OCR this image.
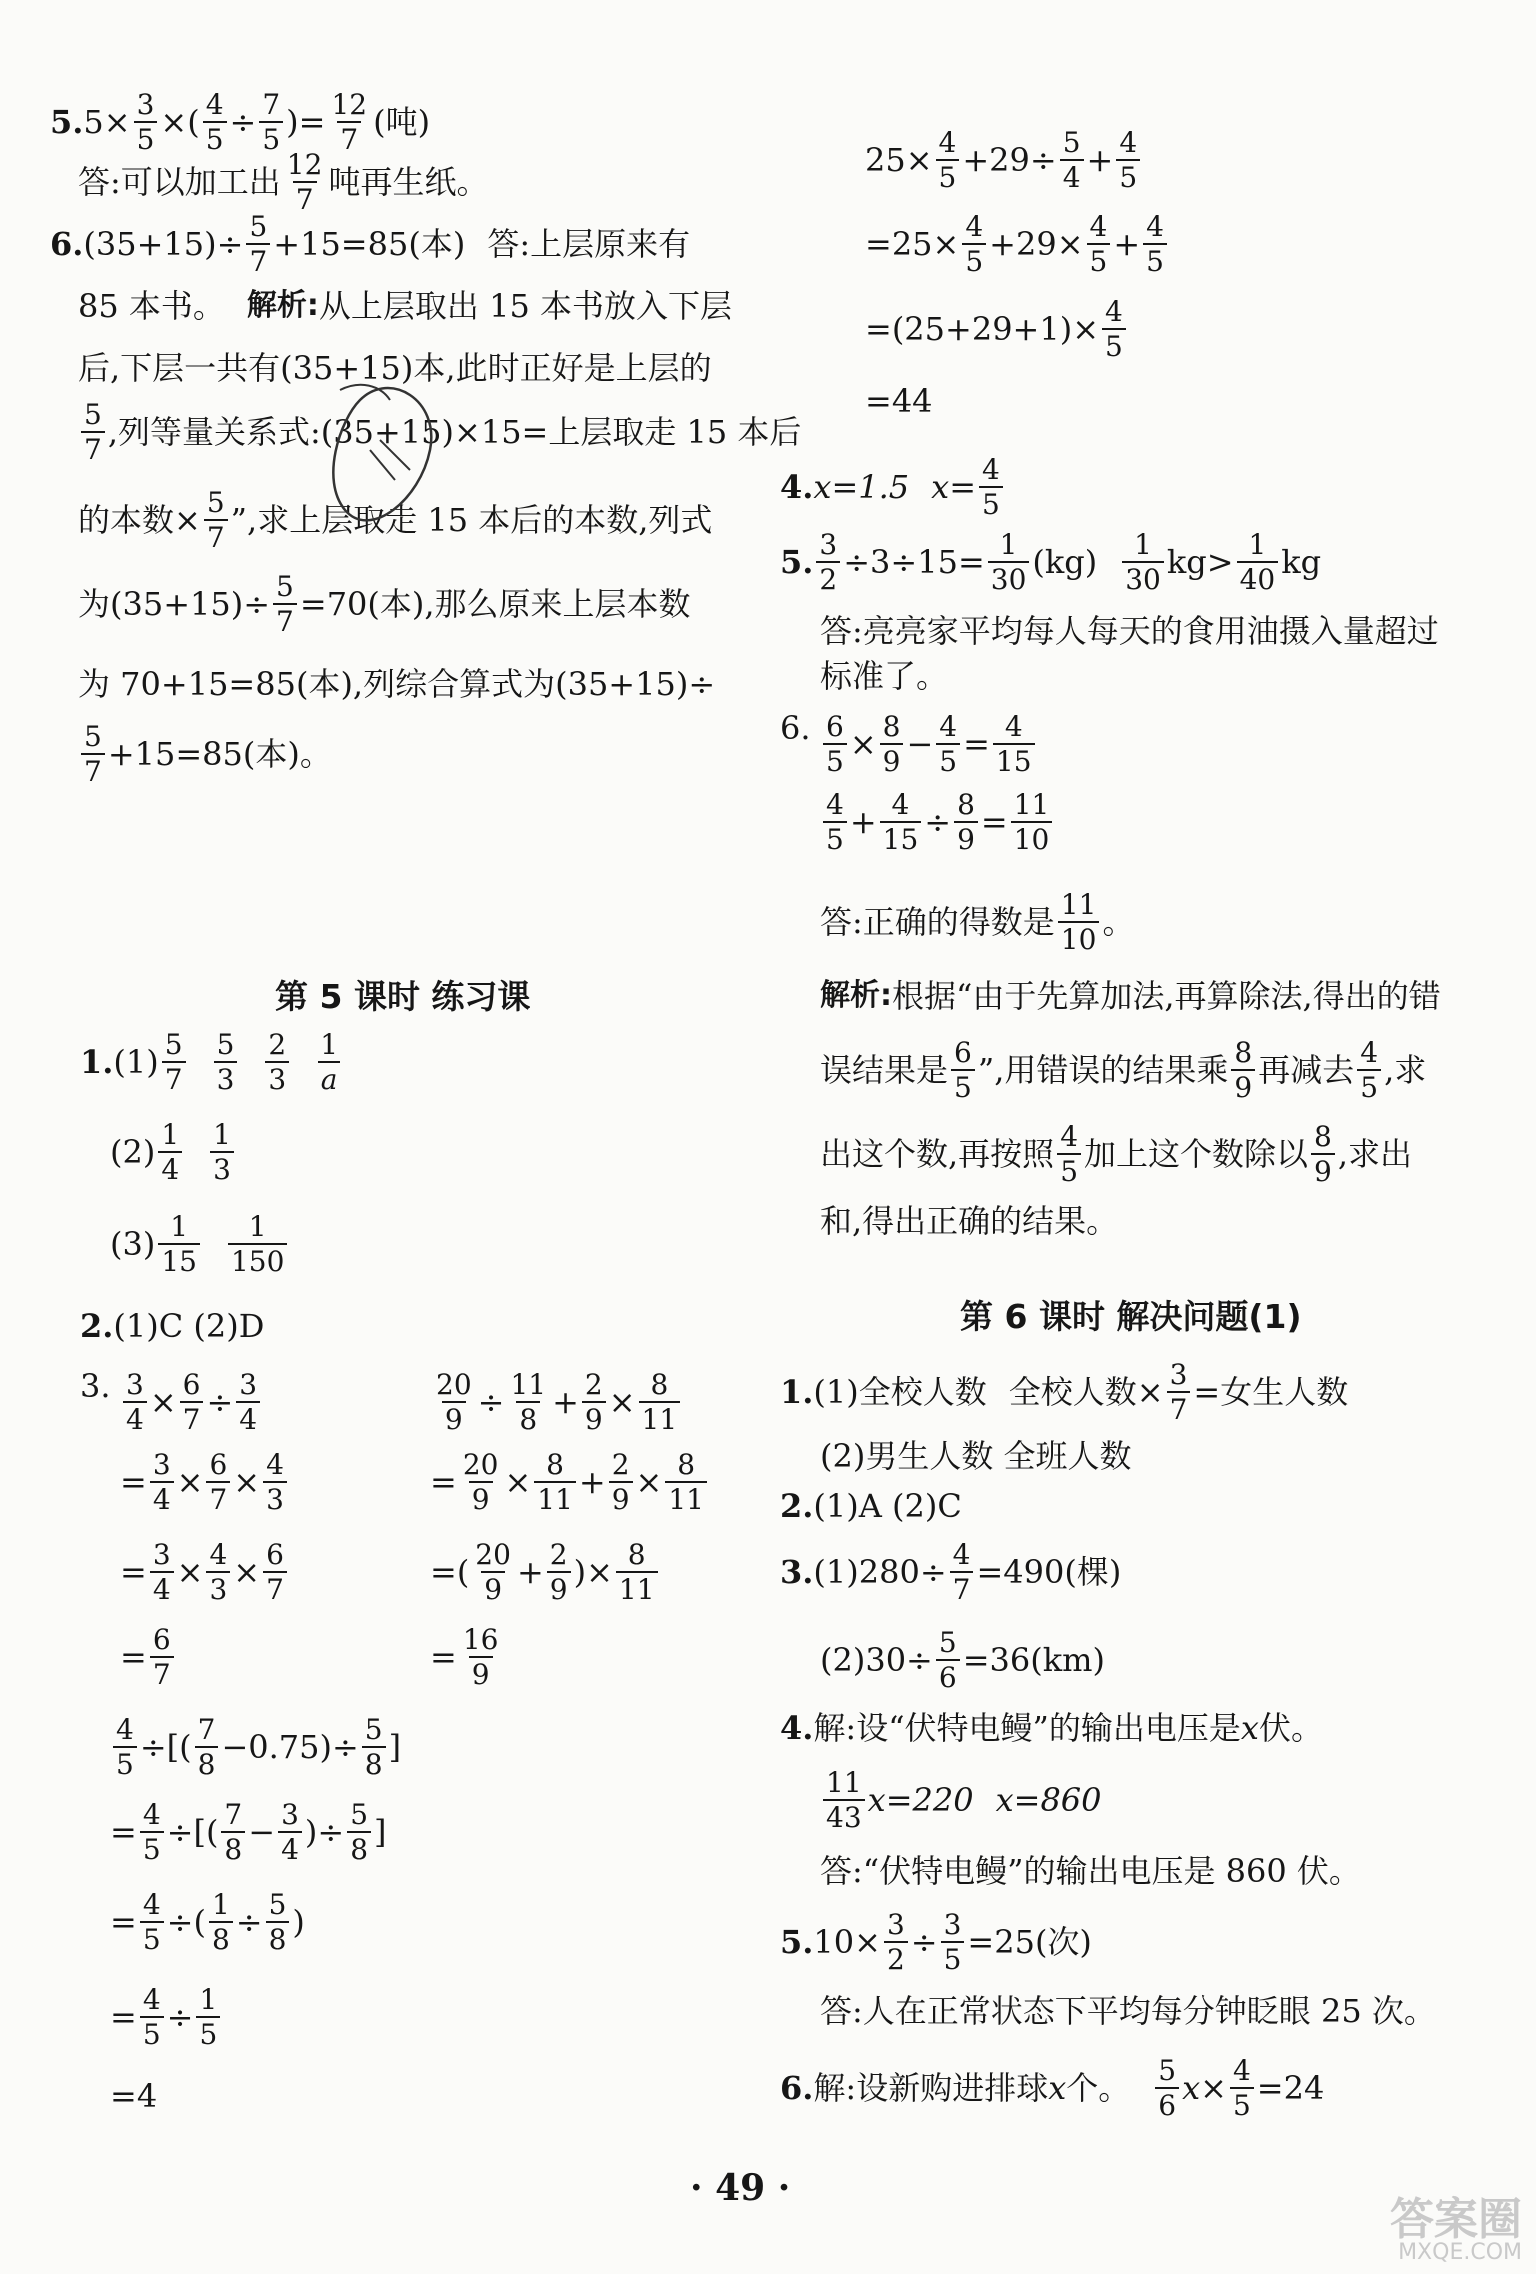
5. $5\times \frac{3}{5}$ ×( $\frac{4}{5} \div \frac{7}{5}$ )= $\frac{12}{7}$ (吨)
答:可以加工出 $\frac{12}{7}$ 吨再生纸。
6. $(35+15)\div \frac{5}{7} +15=85$(本) 答:上层原来有
85 本书。 解析: 从上层取出 15 本书放入下层
后,下层一共有(35+15)本,此时正好是上层的
$\frac{5}{7}$ ,列等量关系式:(35+15)× 15=上层取走 15 本后
的本数× $\frac{5}{7}$ ”,求上层取走 15 本后的本数,列式
为$(35+15)\div \frac{5}{7} =70$(本),那么原来上层本数
为 70+15=85(本),列综合算式为(35+15)÷
$\frac{5}{7} +15=85$(本)。
第 5 课时 练习课
1. $(1) \frac{5}{7} \frac{5}{3} \frac{2}{3} \frac{1}{a}$
$(2) \frac{1}{4} \frac{1}{3}$
$(3) \frac{1}{15} \frac{1}{150}$
2. (1)C (2)D
3. $\frac{3}{4} \times \frac{6}{7} \div \frac{3}{4}$
= $\frac{3}{4} \times \frac{6}{7} \times \frac{4}{3}$
= $\frac{3}{4} \times \frac{4}{3} \times \frac{6}{7}$
= $\frac{6}{7}$
$\frac{20}{9} \div \frac{11}{8} + \frac{2}{9} \times \frac{8}{11}$
= $\frac{20}{9} \times \frac{8}{11} + \frac{2}{9} \times \frac{8}{11}$
=( $\frac{20}{9} + \frac{2}{9}$ )× $\frac{8}{11}$
= $\frac{16}{9}$
$\frac{4}{5}$ ÷[( $\frac{7}{8} -0.75)\div \frac{5}{8}$ ]
= $\frac{4}{5}$ ÷[( $\frac{7}{8} - \frac{3}{4}$ )÷ $\frac{5}{8}$ ]
= $\frac{4}{5}$ ÷( $\frac{1}{8} \div \frac{5}{8}$ )
= $\frac{4}{5} \div \frac{1}{5}$
=4
$25\times \frac{4}{5} +29\div \frac{5}{4} + \frac{4}{5}$
$=25\times \frac{4}{5} +29\times \frac{4}{5} + \frac{4}{5}$
$=(25+29+1)\times \frac{4}{5}$
=44
4. x=1.5 $x= \frac{4}{5}$
5. $\frac{3}{2} \div 3\div 15= \frac{1}{30} (kg) \frac{1}{30} kg> \frac{1}{40}$ kg
答:亮亮家平均每人每天的食用油摄入量超过
标准了。
$\frac{6}{5} \times \frac{8}{9} - \frac{4}{5} = \frac{4}{15}$
$\frac{4}{5} + \frac{4}{15} \div \frac{8}{9} = \frac{11}{10}$
6.
答:正确的得数是 $\frac{11}{10}$ 。
解析: 根据“由于先算加法,再算除法,得出的错
误结果是 $\frac{6}{5}$ ”,用错误的结果乘 $\frac{8}{9}$ 再减去 $\frac{4}{5}$ ,求
出这个数,再按照 $\frac{4}{5}$ 加上这个数除以 $\frac{8}{9}$ ,求出
和,得出正确的结果。
第 6 课时 解决问题(1)
1. (1)全校人数 全校人数× $\frac{3}{7}$ =女生人数
(2)男生人数 全班人数
2. (1)A (2)C
3. $(1)280\div \frac{4}{7} =490$(棵)
$(2)30\div \frac{5}{6} =36(km)$
4. 解:设“伏特电鳗”的输出电压是 x 伏。
$\frac{11}{43} x=220$ x=860
答:“伏特电鳗”的输出电压是 860 伏。
5. $10\times \frac{3}{2} \div \frac{3}{5} =25$(次)
答:人在正常状态下平均每分钟眨眼 25 次。
6. 解:设新购进排球 x 个。 $\frac{5}{6}$ $x \times \frac{4}{5} =24$
· 49 ·
答案圈
MXQE.COM
